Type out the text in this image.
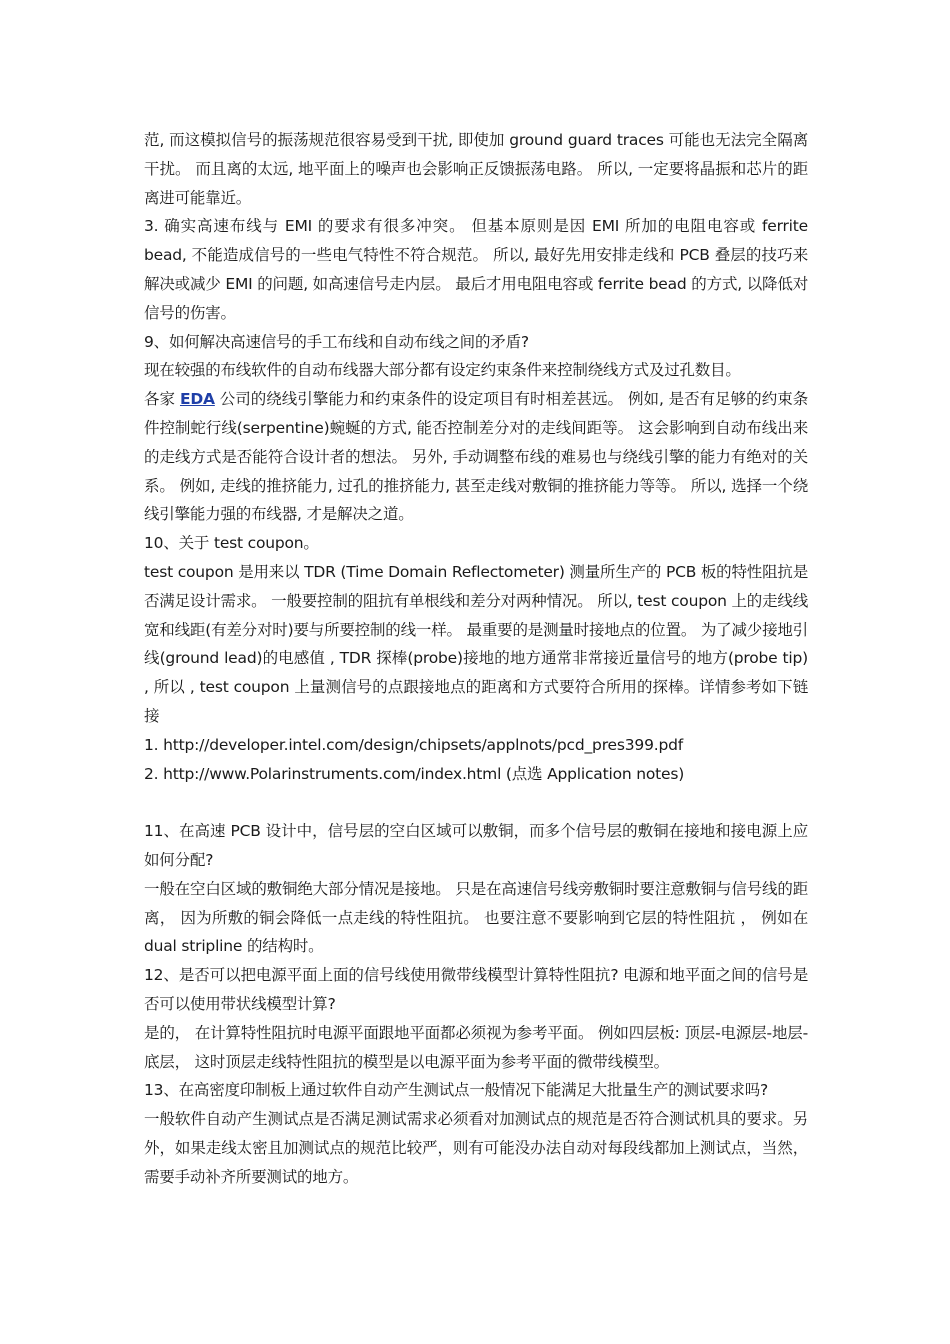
范, 而这模拟信号的振荡规范很容易受到干扰, 即使加 ground guard traces 可能也无法完全隔离干扰。 而且离的太远, 地平面上的噪声也会影响正反馈振荡电路。 所以, 一定要将晶振和芯片的距离进可能靠近。

3. 确实高速布线与 EMI 的要求有很多冲突。 但基本原则是因 EMI 所加的电阻电容或 ferrite bead, 不能造成信号的一些电气特性不符合规范。 所以, 最好先用安排走线和 PCB 叠层的技巧来解决或减少 EMI 的问题, 如高速信号走内层。 最后才用电阻电容或 ferrite bead 的方式, 以降低对信号的伤害。

9、如何解决高速信号的手工布线和自动布线之间的矛盾?

现在较强的布线软件的自动布线器大部分都有设定约束条件来控制绕线方式及过孔数目。

各家 EDA 公司的绕线引擎能力和约束条件的设定项目有时相差甚远。 例如, 是否有足够的约束条件控制蛇行线(serpentine)蜿蜒的方式, 能否控制差分对的走线间距等。 这会影响到自动布线出来的走线方式是否能符合设计者的想法。 另外, 手动调整布线的难易也与绕线引擎的能力有绝对的关系。 例如, 走线的推挤能力, 过孔的推挤能力, 甚至走线对敷铜的推挤能力等等。 所以, 选择一个绕线引擎能力强的布线器, 才是解决之道。

10、关于 test coupon。

test coupon 是用来以 TDR (Time Domain Reflectometer) 测量所生产的 PCB 板的特性阻抗是否满足设计需求。 一般要控制的阻抗有单根线和差分对两种情况。 所以, test coupon 上的走线线宽和线距(有差分对时)要与所要控制的线一样。 最重要的是测量时接地点的位置。 为了减少接地引线(ground lead)的电感值 , TDR 探棒(probe)接地的地方通常非常接近量信号的地方(probe tip) , 所以 , test coupon 上量测信号的点跟接地点的距离和方式要符合所用的探棒。详情参考如下链接

1. http://developer.intel.com/design/chipsets/applnots/pcd_pres399.pdf

2. http://www.Polarinstruments.com/index.html (点选 Application notes)

11、在高速 PCB 设计中，信号层的空白区域可以敷铜，而多个信号层的敷铜在接地和接电源上应如何分配?

一般在空白区域的敷铜绝大部分情况是接地。 只是在高速信号线旁敷铜时要注意敷铜与信号线的距离， 因为所敷的铜会降低一点走线的特性阻抗。 也要注意不要影响到它层的特性阻抗 ， 例如在 dual stripline 的结构时。

12、是否可以把电源平面上面的信号线使用微带线模型计算特性阻抗? 电源和地平面之间的信号是否可以使用带状线模型计算?

是的， 在计算特性阻抗时电源平面跟地平面都必须视为参考平面。 例如四层板: 顶层-电源层-地层-底层， 这时顶层走线特性阻抗的模型是以电源平面为参考平面的微带线模型。

13、在高密度印制板上通过软件自动产生测试点一般情况下能满足大批量生产的测试要求吗?

一般软件自动产生测试点是否满足测试需求必须看对加测试点的规范是否符合测试机具的要求。另外，如果走线太密且加测试点的规范比较严，则有可能没办法自动对每段线都加上测试点，当然，需要手动补齐所要测试的地方。
